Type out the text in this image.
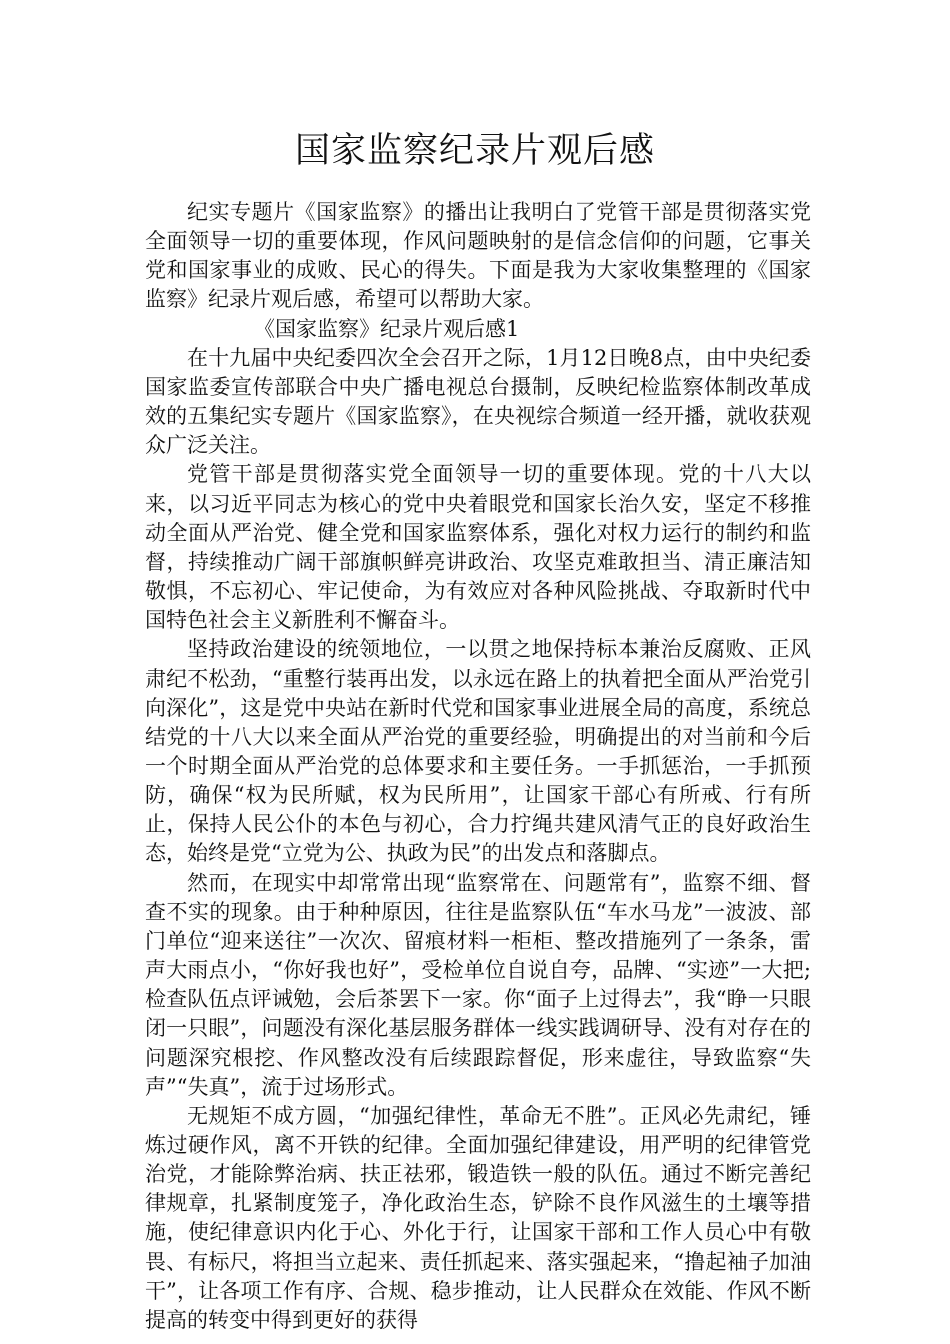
国家监察纪录片观后感

纪实专题片《国家监察》的播出让我明白了党管干部是贯彻落实党全面领导一切的重要体现，作风问题映射的是信念信仰的问题，它事关党和国家事业的成败、民心的得失。下面是我为大家收集整理的《国家监察》纪录片观后感，希望可以帮助大家。

《国家监察》纪录片观后感1

在十九届中央纪委四次全会召开之际，1月12日晚8点，由中央纪委国家监委宣传部联合中央广播电视总台摄制，反映纪检监察体制改革成效的五集纪实专题片《国家监察》，在央视综合频道一经开播，就收获观众广泛关注。

党管干部是贯彻落实党全面领导一切的重要体现。党的十八大以来，以习近平同志为核心的党中央着眼党和国家长治久安，坚定不移推动全面从严治党、健全党和国家监察体系，强化对权力运行的制约和监督，持续推动广阔干部旗帜鲜亮讲政治、攻坚克难敢担当、清正廉洁知敬惧，不忘初心、牢记使命，为有效应对各种风险挑战、夺取新时代中国特色社会主义新胜利不懈奋斗。

坚持政治建设的统领地位，一以贯之地保持标本兼治反腐败、正风肃纪不松劲，“重整行装再出发，以永远在路上的执着把全面从严治党引向深化”，这是党中央站在新时代党和国家事业进展全局的高度，系统总结党的十八大以来全面从严治党的重要经验，明确提出的对当前和今后一个时期全面从严治党的总体要求和主要任务。一手抓惩治，一手抓预防，确保“权为民所赋，权为民所用”，让国家干部心有所戒、行有所止，保持人民公仆的本色与初心，合力拧绳共建风清气正的良好政治生态，始终是党“立党为公、执政为民”的出发点和落脚点。

然而，在现实中却常常出现“监察常在、问题常有”，监察不细、督查不实的现象。由于种种原因，往往是监察队伍“车水马龙”一波波、部门单位“迎来送往”一次次、留痕材料一柜柜、整改措施列了一条条，雷声大雨点小，“你好我也好”，受检单位自说自夸，品牌、“实迹”一大把;检查队伍点评诫勉，会后茶罢下一家。你“面子上过得去”，我“睁一只眼闭一只眼”，问题没有深化基层服务群体一线实践调研导、没有对存在的问题深究根挖、作风整改没有后续跟踪督促，形来虚往，导致监察“失声”“失真”，流于过场形式。

无规矩不成方圆，“加强纪律性，革命无不胜”。正风必先肃纪，锤炼过硬作风，离不开铁的纪律。全面加强纪律建设，用严明的纪律管党治党，才能除弊治病、扶正祛邪，锻造铁一般的队伍。通过不断完善纪律规章，扎紧制度笼子，净化政治生态，铲除不良作风滋生的土壤等措施，使纪律意识内化于心、外化于行，让国家干部和工作人员心中有敬畏、有标尺，将担当立起来、责任抓起来、落实强起来，“撸起袖子加油干”，让各项工作有序、合规、稳步推动，让人民群众在效能、作风不断提高的转变中得到更好的获得
